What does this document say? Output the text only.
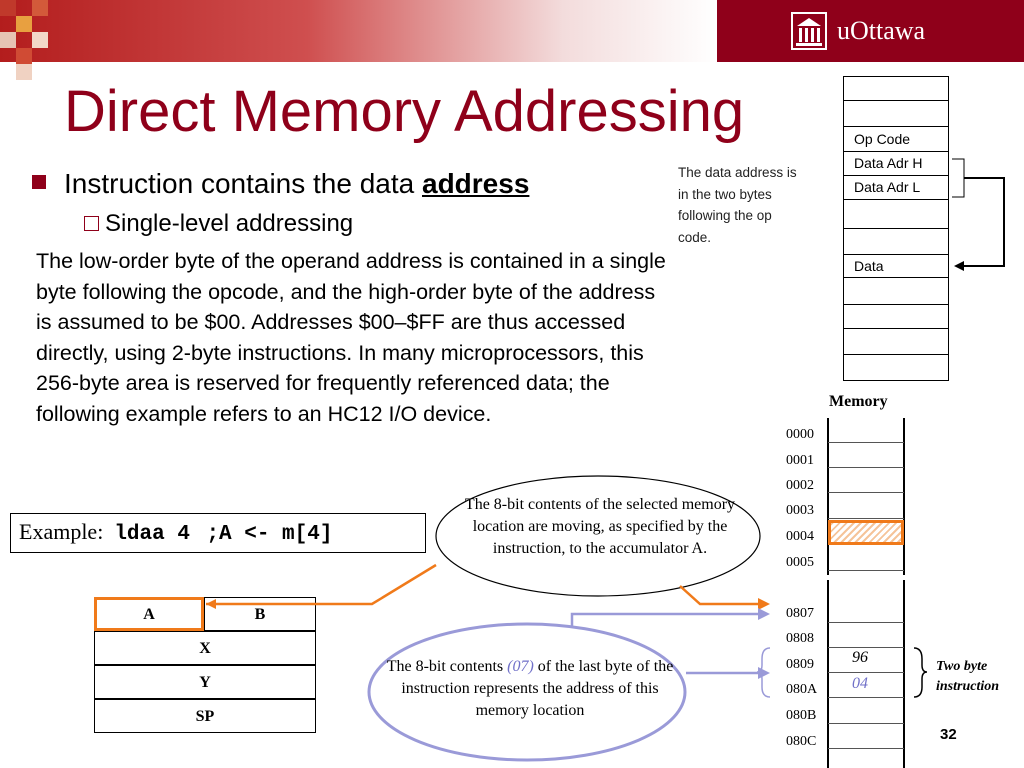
uOttawa
Direct Memory Addressing
Instruction contains the data address
Single-level addressing
The low-order byte of the operand address is contained in a single byte following the opcode, and the high-order byte of the address is assumed to be $00. Addresses $00–$FF are thus accessed directly, using 2-byte instructions. In many microprocessors, this 256-byte area is reserved for frequently referenced data; the following example refers to an HC12 I/O device.
The data address is in the two bytes following the op code.
Op Code
Data Adr H
Data Adr L
Data
Example: ldaa 4 ;A <- m[4]
A	B
X
Y
SP
The 8-bit contents of the selected memory location are moving, as specified by the instruction, to the accumulator A.
The 8-bit contents (07) of the last byte of the instruction represents the address of this memory location
Memory
0000
0001
0002
0003
0004
0005
96
04
0807
0808
0809
080A
080B
080C
Two byte
instruction
32
